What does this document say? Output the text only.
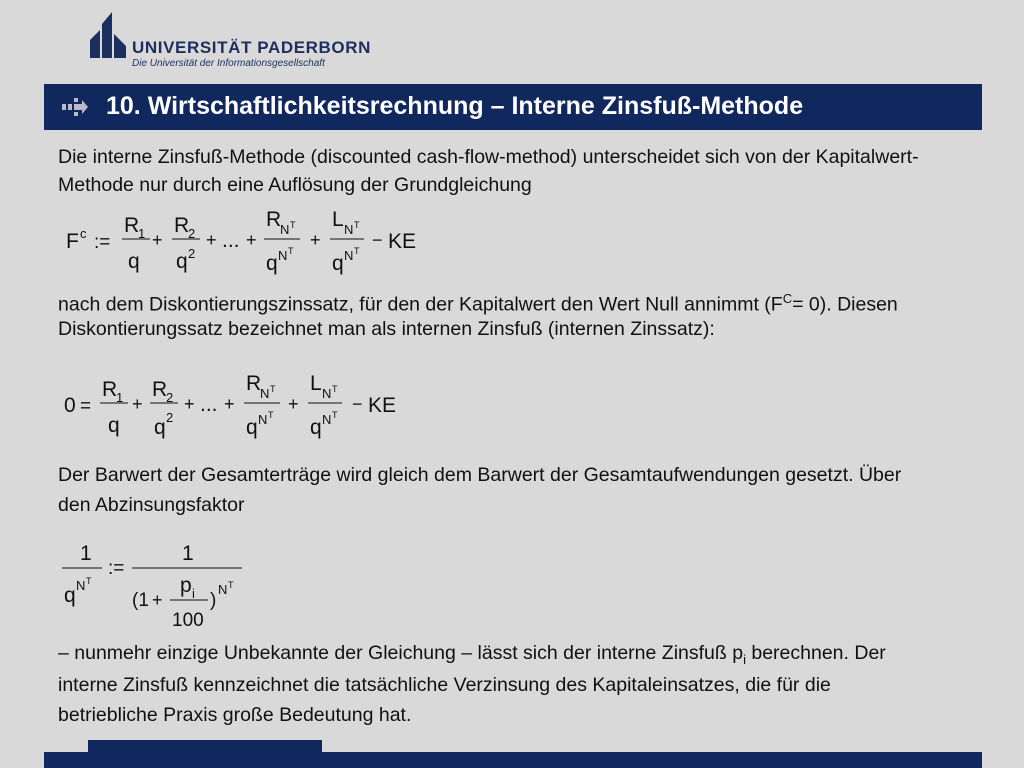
UNIVERSITÄT PADERBORN
Die Universität der Informationsgesellschaft
10. Wirtschaftlichkeitsrechnung – Interne Zinsfuß-Methode
Die interne Zinsfuß-Methode (discounted cash-flow-method) unterscheidet sich von der Kapitalwert-
Methode nur durch eine Auflösung der Grundgleichung
F c :=
R
1
q
+
R
2
q 2
+ ... +
R
N T
q N T
+
L N T
q N T
− KE
nach dem Diskontierungszinssatz, für den der Kapitalwert den Wert Null annimmt $(F^C= 0)$. Diesen
Diskontierungssatz bezeichnet man als internen Zinsfuß (internen Zinssatz):
0 =
R
1
q
+
R
2
q 2
+ ... +
R
N T
q N T
+
L N T
q N T
− KE
Der Barwert der Gesamterträge wird gleich dem Barwert der Gesamtaufwendungen gesetzt. Über
den Abzinsungsfaktor
1
q N T
:=
1
(1 +
p i
100
)
N T
– nunmehr einzige Unbekannte der Gleichung – lässt sich der interne Zinsfuß $p_i$ berechnen. Der
interne Zinsfuß kennzeichnet die tatsächliche Verzinsung des Kapitaleinsatzes, die für die
betriebliche Praxis große Bedeutung hat.
